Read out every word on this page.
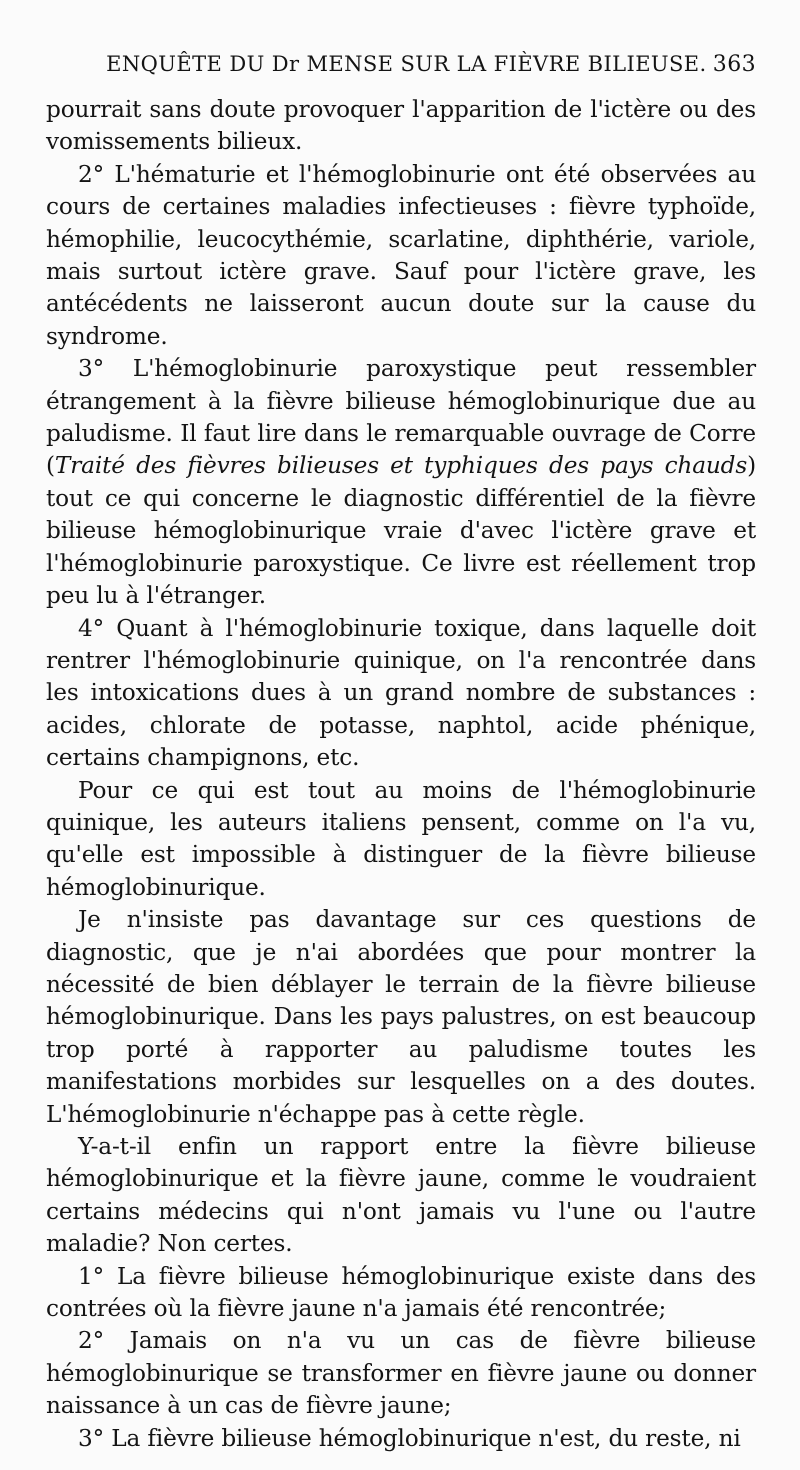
ENQUÊTE DU Dr MENSE SUR LA FIÈVRE BILIEUSE. 363

pourrait sans doute provoquer l'apparition de l'ictère ou des vomissements bilieux.

2° L'hématurie et l'hémoglobinurie ont été observées au cours de certaines maladies infectieuses : fièvre typhoïde, hémophilie, leucocythémie, scarlatine, diphthérie, variole, mais surtout ictère grave. Sauf pour l'ictère grave, les antécédents ne laisseront aucun doute sur la cause du syndrome.

3° L'hémoglobinurie paroxystique peut ressembler étrangement à la fièvre bilieuse hémoglobinurique due au paludisme. Il faut lire dans le remarquable ouvrage de Corre (Traité des fièvres bilieuses et typhiques des pays chauds) tout ce qui concerne le diagnostic différentiel de la fièvre bilieuse hémoglobinurique vraie d'avec l'ictère grave et l'hémoglobinurie paroxystique. Ce livre est réellement trop peu lu à l'étranger.

4° Quant à l'hémoglobinurie toxique, dans laquelle doit rentrer l'hémoglobinurie quinique, on l'a rencontrée dans les intoxications dues à un grand nombre de substances : acides, chlorate de potasse, naphtol, acide phénique, certains champignons, etc.

Pour ce qui est tout au moins de l'hémoglobinurie quinique, les auteurs italiens pensent, comme on l'a vu, qu'elle est impossible à distinguer de la fièvre bilieuse hémoglobinurique.

Je n'insiste pas davantage sur ces questions de diagnostic, que je n'ai abordées que pour montrer la nécessité de bien déblayer le terrain de la fièvre bilieuse hémoglobinurique. Dans les pays palustres, on est beaucoup trop porté à rapporter au paludisme toutes les manifestations morbides sur lesquelles on a des doutes. L'hémoglobinurie n'échappe pas à cette règle.

Y-a-t-il enfin un rapport entre la fièvre bilieuse hémoglobinurique et la fièvre jaune, comme le voudraient certains médecins qui n'ont jamais vu l'une ou l'autre maladie? Non certes.

1° La fièvre bilieuse hémoglobinurique existe dans des contrées où la fièvre jaune n'a jamais été rencontrée;

2° Jamais on n'a vu un cas de fièvre bilieuse hémoglobinurique se transformer en fièvre jaune ou donner naissance à un cas de fièvre jaune;

3° La fièvre bilieuse hémoglobinurique n'est, du reste, ni
